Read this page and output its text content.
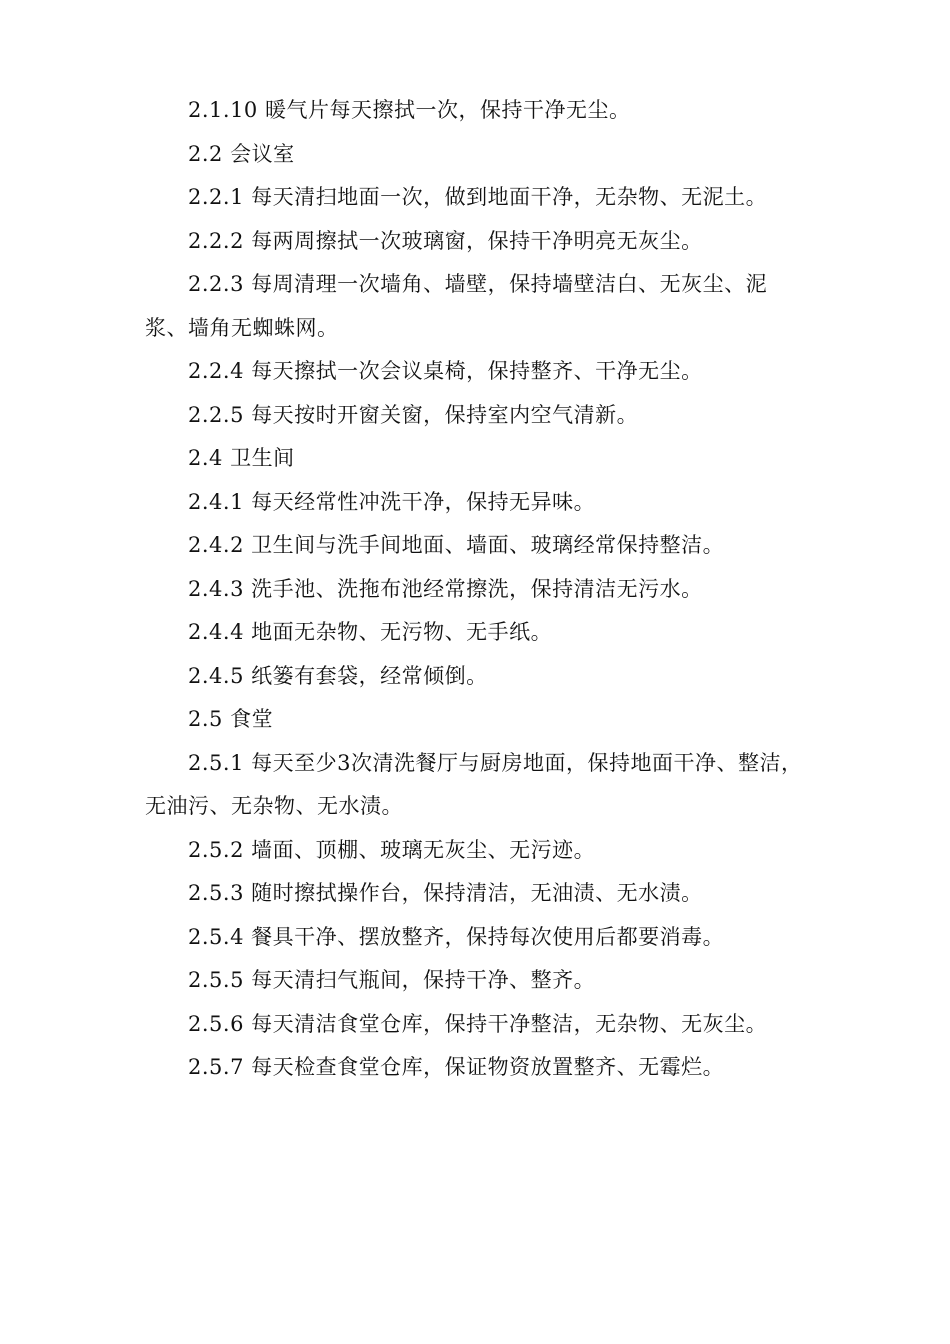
2.1.10 暖气片每天擦拭一次，保持干净无尘。

2.2 会议室

2.2.1 每天清扫地面一次，做到地面干净，无杂物、无泥土。

2.2.2 每两周擦拭一次玻璃窗，保持干净明亮无灰尘。

2.2.3 每周清理一次墙角、墙壁，保持墙壁洁白、无灰尘、泥浆、墙角无蜘蛛网。

2.2.4 每天擦拭一次会议桌椅，保持整齐、干净无尘。

2.2.5 每天按时开窗关窗，保持室内空气清新。

2.4 卫生间

2.4.1 每天经常性冲洗干净，保持无异味。

2.4.2 卫生间与洗手间地面、墙面、玻璃经常保持整洁。

2.4.3 洗手池、洗拖布池经常擦洗，保持清洁无污水。

2.4.4 地面无杂物、无污物、无手纸。

2.4.5 纸篓有套袋，经常倾倒。

2.5 食堂

2.5.1 每天至少3次清洗餐厅与厨房地面，保持地面干净、整洁，无油污、无杂物、无水渍。

2.5.2 墙面、顶棚、玻璃无灰尘、无污迹。

2.5.3 随时擦拭操作台，保持清洁，无油渍、无水渍。

2.5.4 餐具干净、摆放整齐，保持每次使用后都要消毒。

2.5.5 每天清扫气瓶间，保持干净、整齐。

2.5.6 每天清洁食堂仓库，保持干净整洁，无杂物、无灰尘。

2.5.7 每天检查食堂仓库，保证物资放置整齐、无霉烂。
